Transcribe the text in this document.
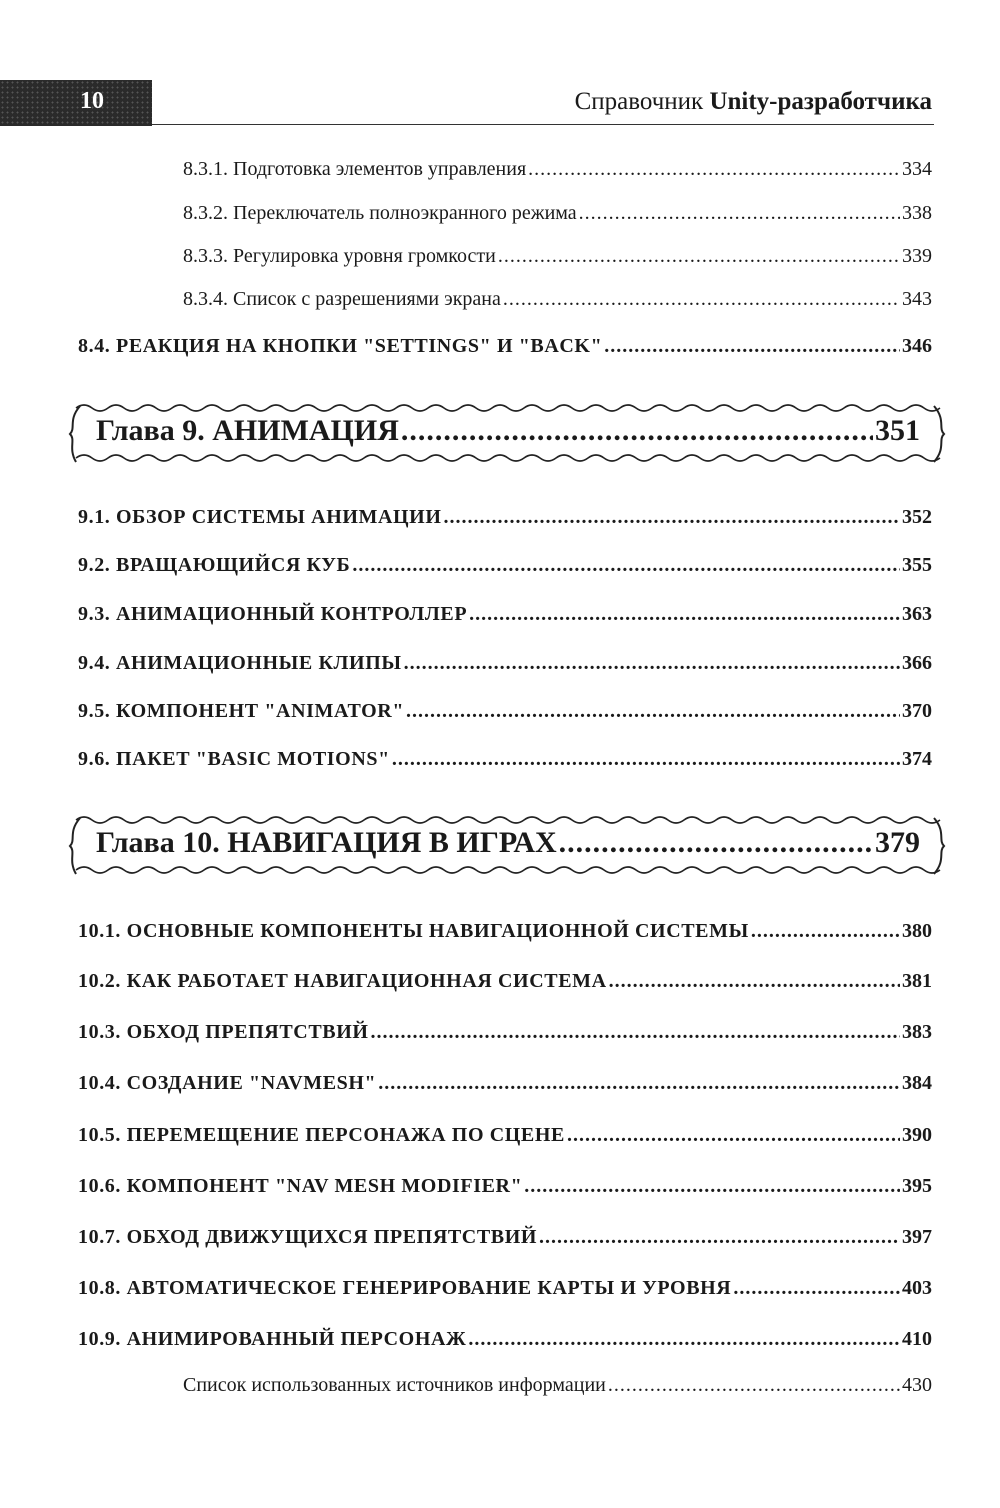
10	Справочник Unity-разработчика
8.3.1. Подготовка элементов управления .....	334
8.3.2. Переключатель полноэкранного режима .....	338
8.3.3. Регулировка уровня громкости .....	339
8.3.4. Список с разрешениями экрана .....	343
8.4. РЕАКЦИЯ НА КНОПКИ "SETTINGS" И "BACK" .....	346
Глава 9. АНИМАЦИЯ .....	351
9.1. ОБЗОР СИСТЕМЫ АНИМАЦИИ .....	352
9.2. ВРАЩАЮЩИЙСЯ КУБ .....	355
9.3. АНИМАЦИОННЫЙ КОНТРОЛЛЕР .....	363
9.4. АНИМАЦИОННЫЕ КЛИПЫ .....	366
9.5. КОМПОНЕНТ "ANIMATOR" .....	370
9.6. ПАКЕТ "BASIC MOTIONS" .....	374
Глава 10. НАВИГАЦИЯ В ИГРАХ .....	379
10.1. ОСНОВНЫЕ КОМПОНЕНТЫ НАВИГАЦИОННОЙ СИСТЕМЫ .....	380
10.2. КАК РАБОТАЕТ НАВИГАЦИОННАЯ СИСТЕМА .....	381
10.3. ОБХОД ПРЕПЯТСТВИЙ .....	383
10.4. СОЗДАНИЕ "NAVMESH" .....	384
10.5. ПЕРЕМЕЩЕНИЕ ПЕРСОНАЖА ПО СЦЕНЕ .....	390
10.6. КОМПОНЕНТ "NAV MESH MODIFIER" .....	395
10.7. ОБХОД ДВИЖУЩИХСЯ ПРЕПЯТСТВИЙ .....	397
10.8. АВТОМАТИЧЕСКОЕ ГЕНЕРИРОВАНИЕ КАРТЫ И УРОВНЯ .....	403
10.9. АНИМИРОВАННЫЙ ПЕРСОНАЖ .....	410
Список использованных источников информации .....	430
